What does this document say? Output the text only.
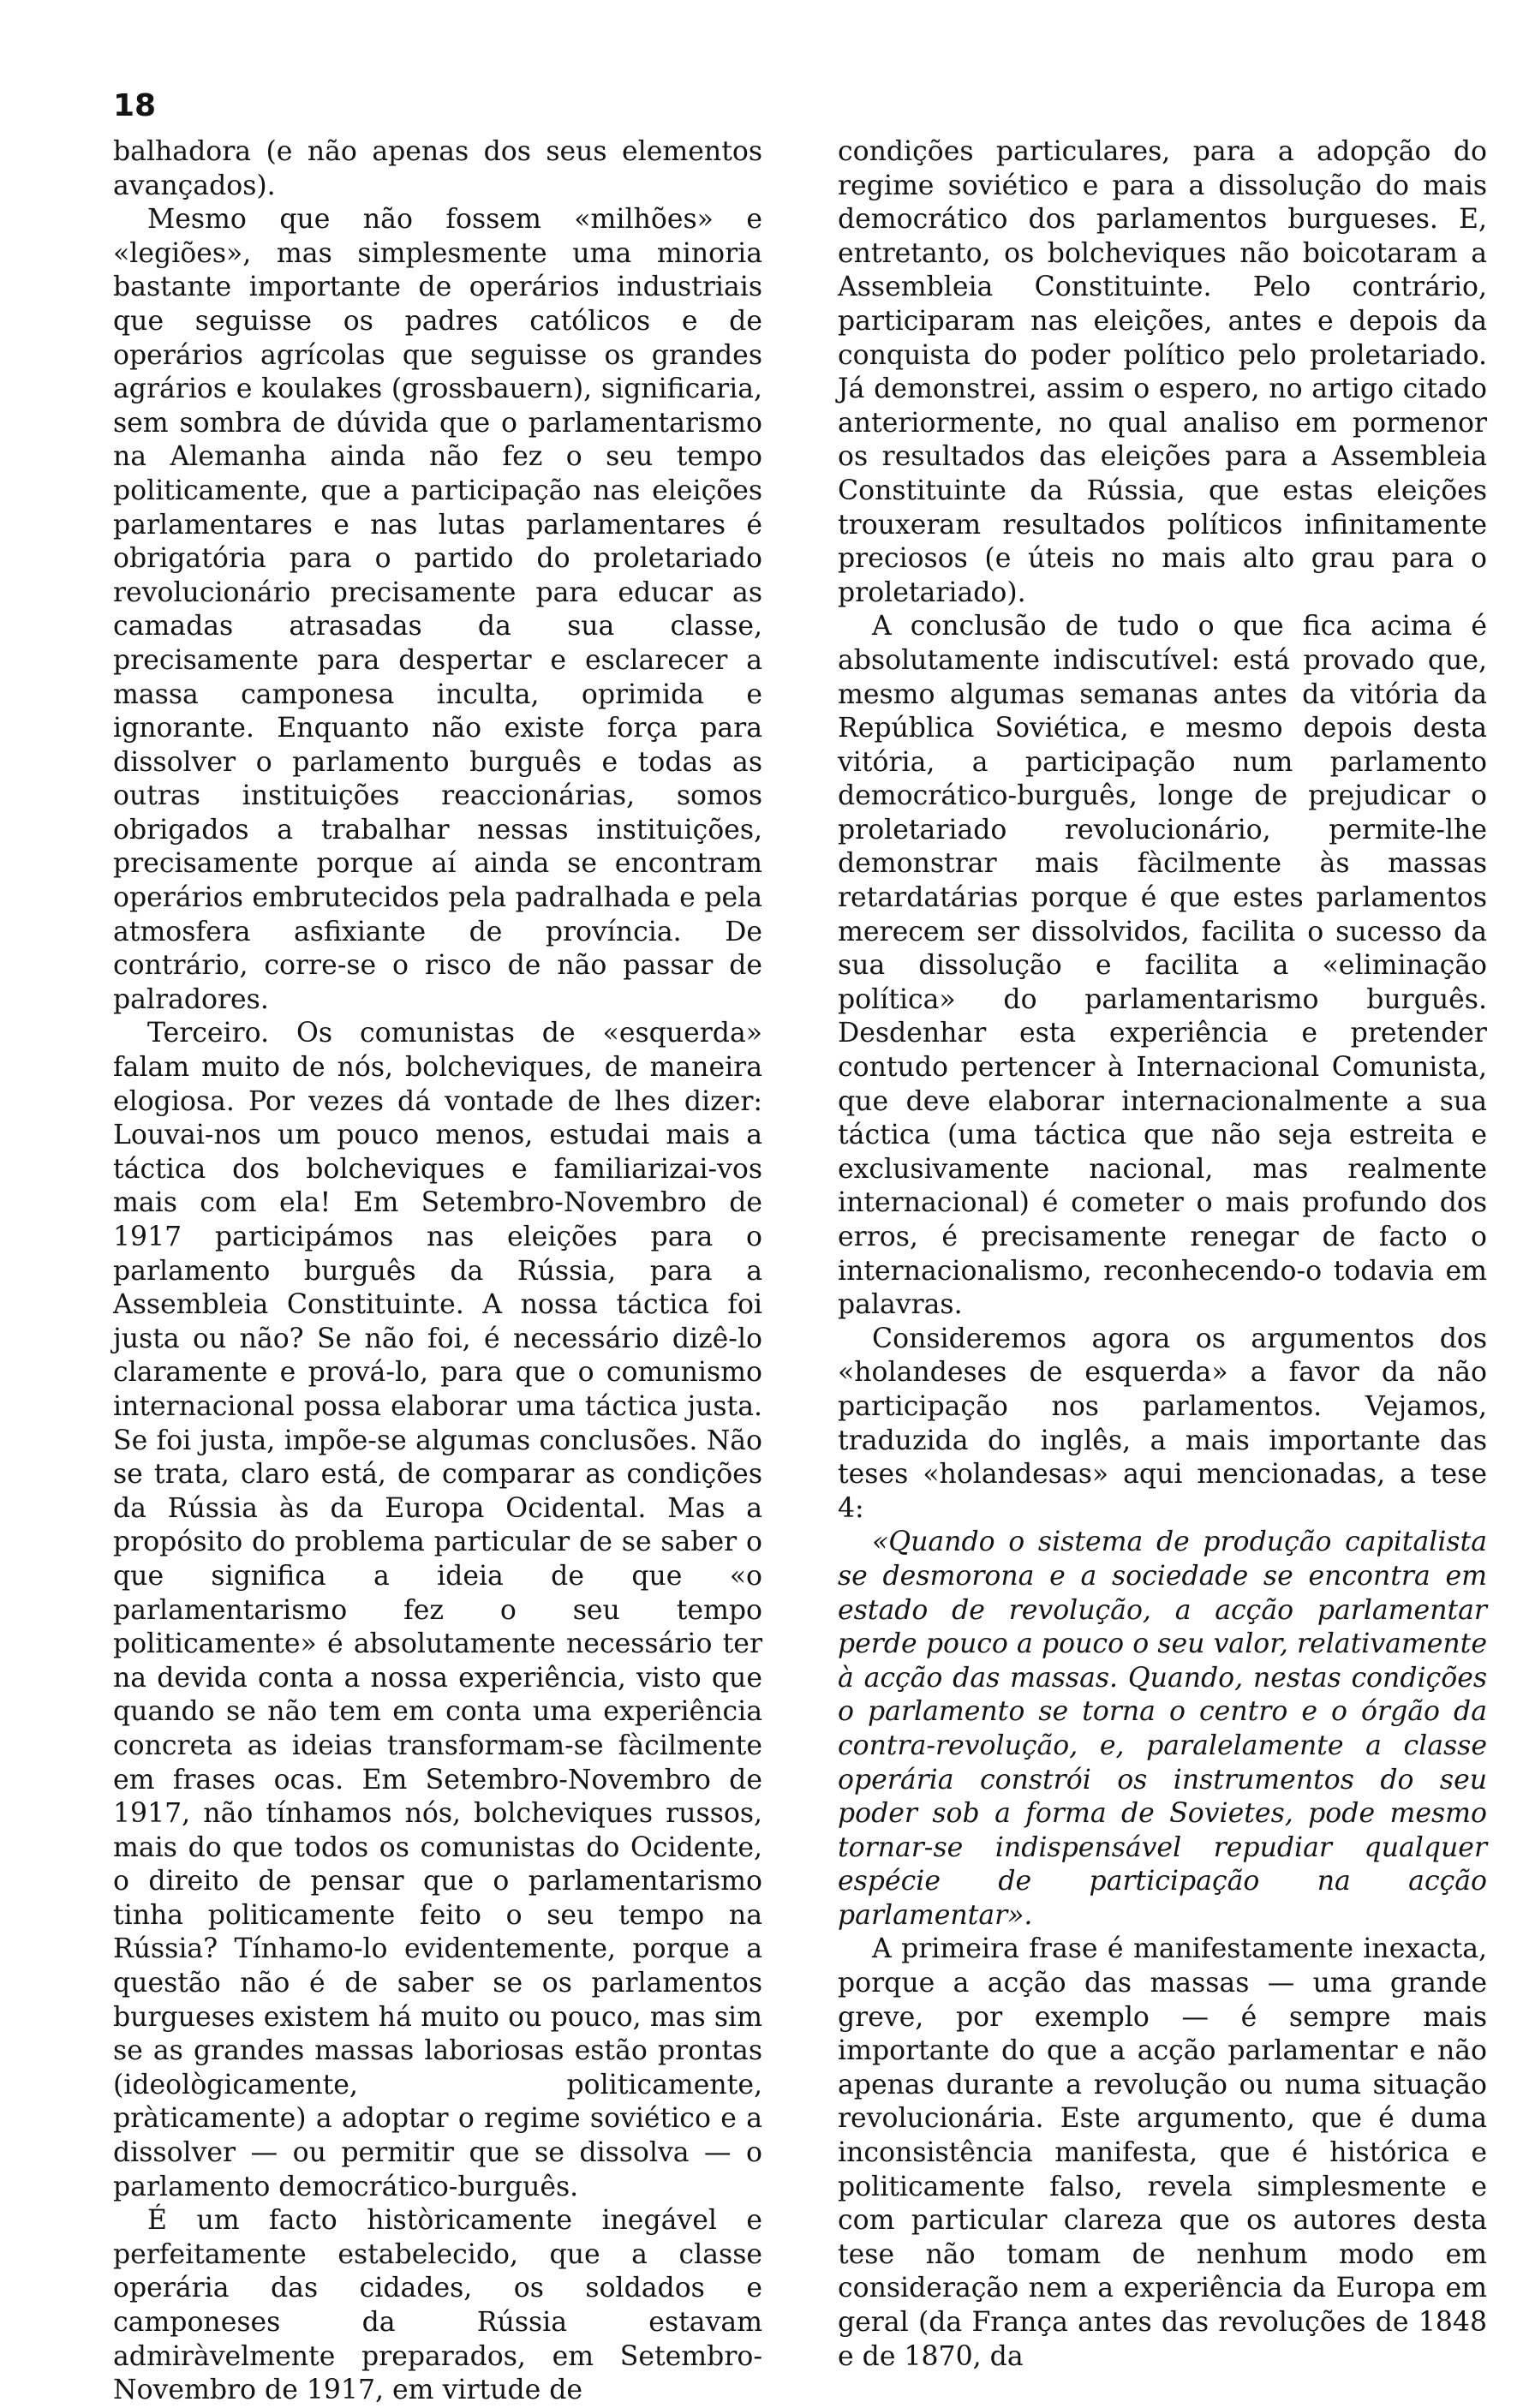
18

balhadora (e não apenas dos seus elementos avançados).

Mesmo que não fossem «milhões» e «legiões», mas simplesmente uma minoria bastante importante de operários industriais que seguisse os padres católicos e de operários agrícolas que seguisse os grandes agrários e koulakes (grossbauern), significaria, sem sombra de dúvida que o parlamentarismo na Alemanha ainda não fez o seu tempo politicamente, que a participação nas eleições parlamentares e nas lutas parlamentares é obrigatória para o partido do proletariado revolucionário precisamente para educar as camadas atrasadas da sua classe, precisamente para despertar e esclarecer a massa camponesa inculta, oprimida e ignorante. Enquanto não existe força para dissolver o parlamento burguês e todas as outras instituições reaccionárias, somos obrigados a trabalhar nessas instituições, precisamente porque aí ainda se encontram operários embrutecidos pela padralhada e pela atmosfera asfixiante de província. De contrário, corre-se o risco de não passar de palradores.

Terceiro. Os comunistas de «esquerda» falam muito de nós, bolcheviques, de maneira elogiosa. Por vezes dá vontade de lhes dizer: Louvai-nos um pouco menos, estudai mais a táctica dos bolcheviques e familiarizai-vos mais com ela! Em Setembro-Novembro de 1917 participámos nas eleições para o parlamento burguês da Rússia, para a Assembleia Constituinte. A nossa táctica foi justa ou não? Se não foi, é necessário dizê-lo claramente e prová-lo, para que o comunismo internacional possa elaborar uma táctica justa. Se foi justa, impõe-se algumas conclusões. Não se trata, claro está, de comparar as condições da Rússia às da Europa Ocidental. Mas a propósito do problema particular de se saber o que significa a ideia de que «o parlamentarismo fez o seu tempo politicamente» é absolutamente necessário ter na devida conta a nossa experiência, visto que quando se não tem em conta uma experiência concreta as ideias transformam-se fàcilmente em frases ocas. Em Setembro-Novembro de 1917, não tínhamos nós, bolcheviques russos, mais do que todos os comunistas do Ocidente, o direito de pensar que o parlamentarismo tinha politicamente feito o seu tempo na Rússia? Tínhamo-lo evidentemente, porque a questão não é de saber se os parlamentos burgueses existem há muito ou pouco, mas sim se as grandes massas laboriosas estão prontas (ideològicamente, politicamente, pràticamente) a adoptar o regime soviético e a dissolver — ou permitir que se dissolva — o parlamento democrático-burguês.

É um facto històricamente inegável e perfeitamente estabelecido, que a classe operária das cidades, os soldados e camponeses da Rússia estavam admiràvelmente preparados, em Setembro-Novembro de 1917, em virtude de

condições particulares, para a adopção do regime soviético e para a dissolução do mais democrático dos parlamentos burgueses. E, entretanto, os bolcheviques não boicotaram a Assembleia Constituinte. Pelo contrário, participaram nas eleições, antes e depois da conquista do poder político pelo proletariado. Já demonstrei, assim o espero, no artigo citado anteriormente, no qual analiso em pormenor os resultados das eleições para a Assembleia Constituinte da Rússia, que estas eleições trouxeram resultados políticos infinitamente preciosos (e úteis no mais alto grau para o proletariado).

A conclusão de tudo o que fica acima é absolutamente indiscutível: está provado que, mesmo algumas semanas antes da vitória da República Soviética, e mesmo depois desta vitória, a participação num parlamento democrático-burguês, longe de prejudicar o proletariado revolucionário, permite-lhe demonstrar mais fàcilmente às massas retardatárias porque é que estes parlamentos merecem ser dissolvidos, facilita o sucesso da sua dissolução e facilita a «eliminação política» do parlamentarismo burguês. Desdenhar esta experiência e pretender contudo pertencer à Internacional Comunista, que deve elaborar internacionalmente a sua táctica (uma táctica que não seja estreita e exclusivamente nacional, mas realmente internacional) é cometer o mais profundo dos erros, é precisamente renegar de facto o internacionalismo, reconhecendo-o todavia em palavras.

Consideremos agora os argumentos dos «holandeses de esquerda» a favor da não participação nos parlamentos. Vejamos, traduzida do inglês, a mais importante das teses «holandesas» aqui mencionadas, a tese 4:

«Quando o sistema de produção capitalista se desmorona e a sociedade se encontra em estado de revolução, a acção parlamentar perde pouco a pouco o seu valor, relativamente à acção das massas. Quando, nestas condições o parlamento se torna o centro e o órgão da contra-revolução, e, paralelamente a classe operária constrói os instrumentos do seu poder sob a forma de Sovietes, pode mesmo tornar-se indispensável repudiar qualquer espécie de participação na acção parlamentar».

A primeira frase é manifestamente inexacta, porque a acção das massas — uma grande greve, por exemplo — é sempre mais importante do que a acção parlamentar e não apenas durante a revolução ou numa situação revolucionária. Este argumento, que é duma inconsistência manifesta, que é histórica e politicamente falso, revela simplesmente e com particular clareza que os autores desta tese não tomam de nenhum modo em consideração nem a experiência da Europa em geral (da França antes das revoluções de 1848 e de 1870, da
